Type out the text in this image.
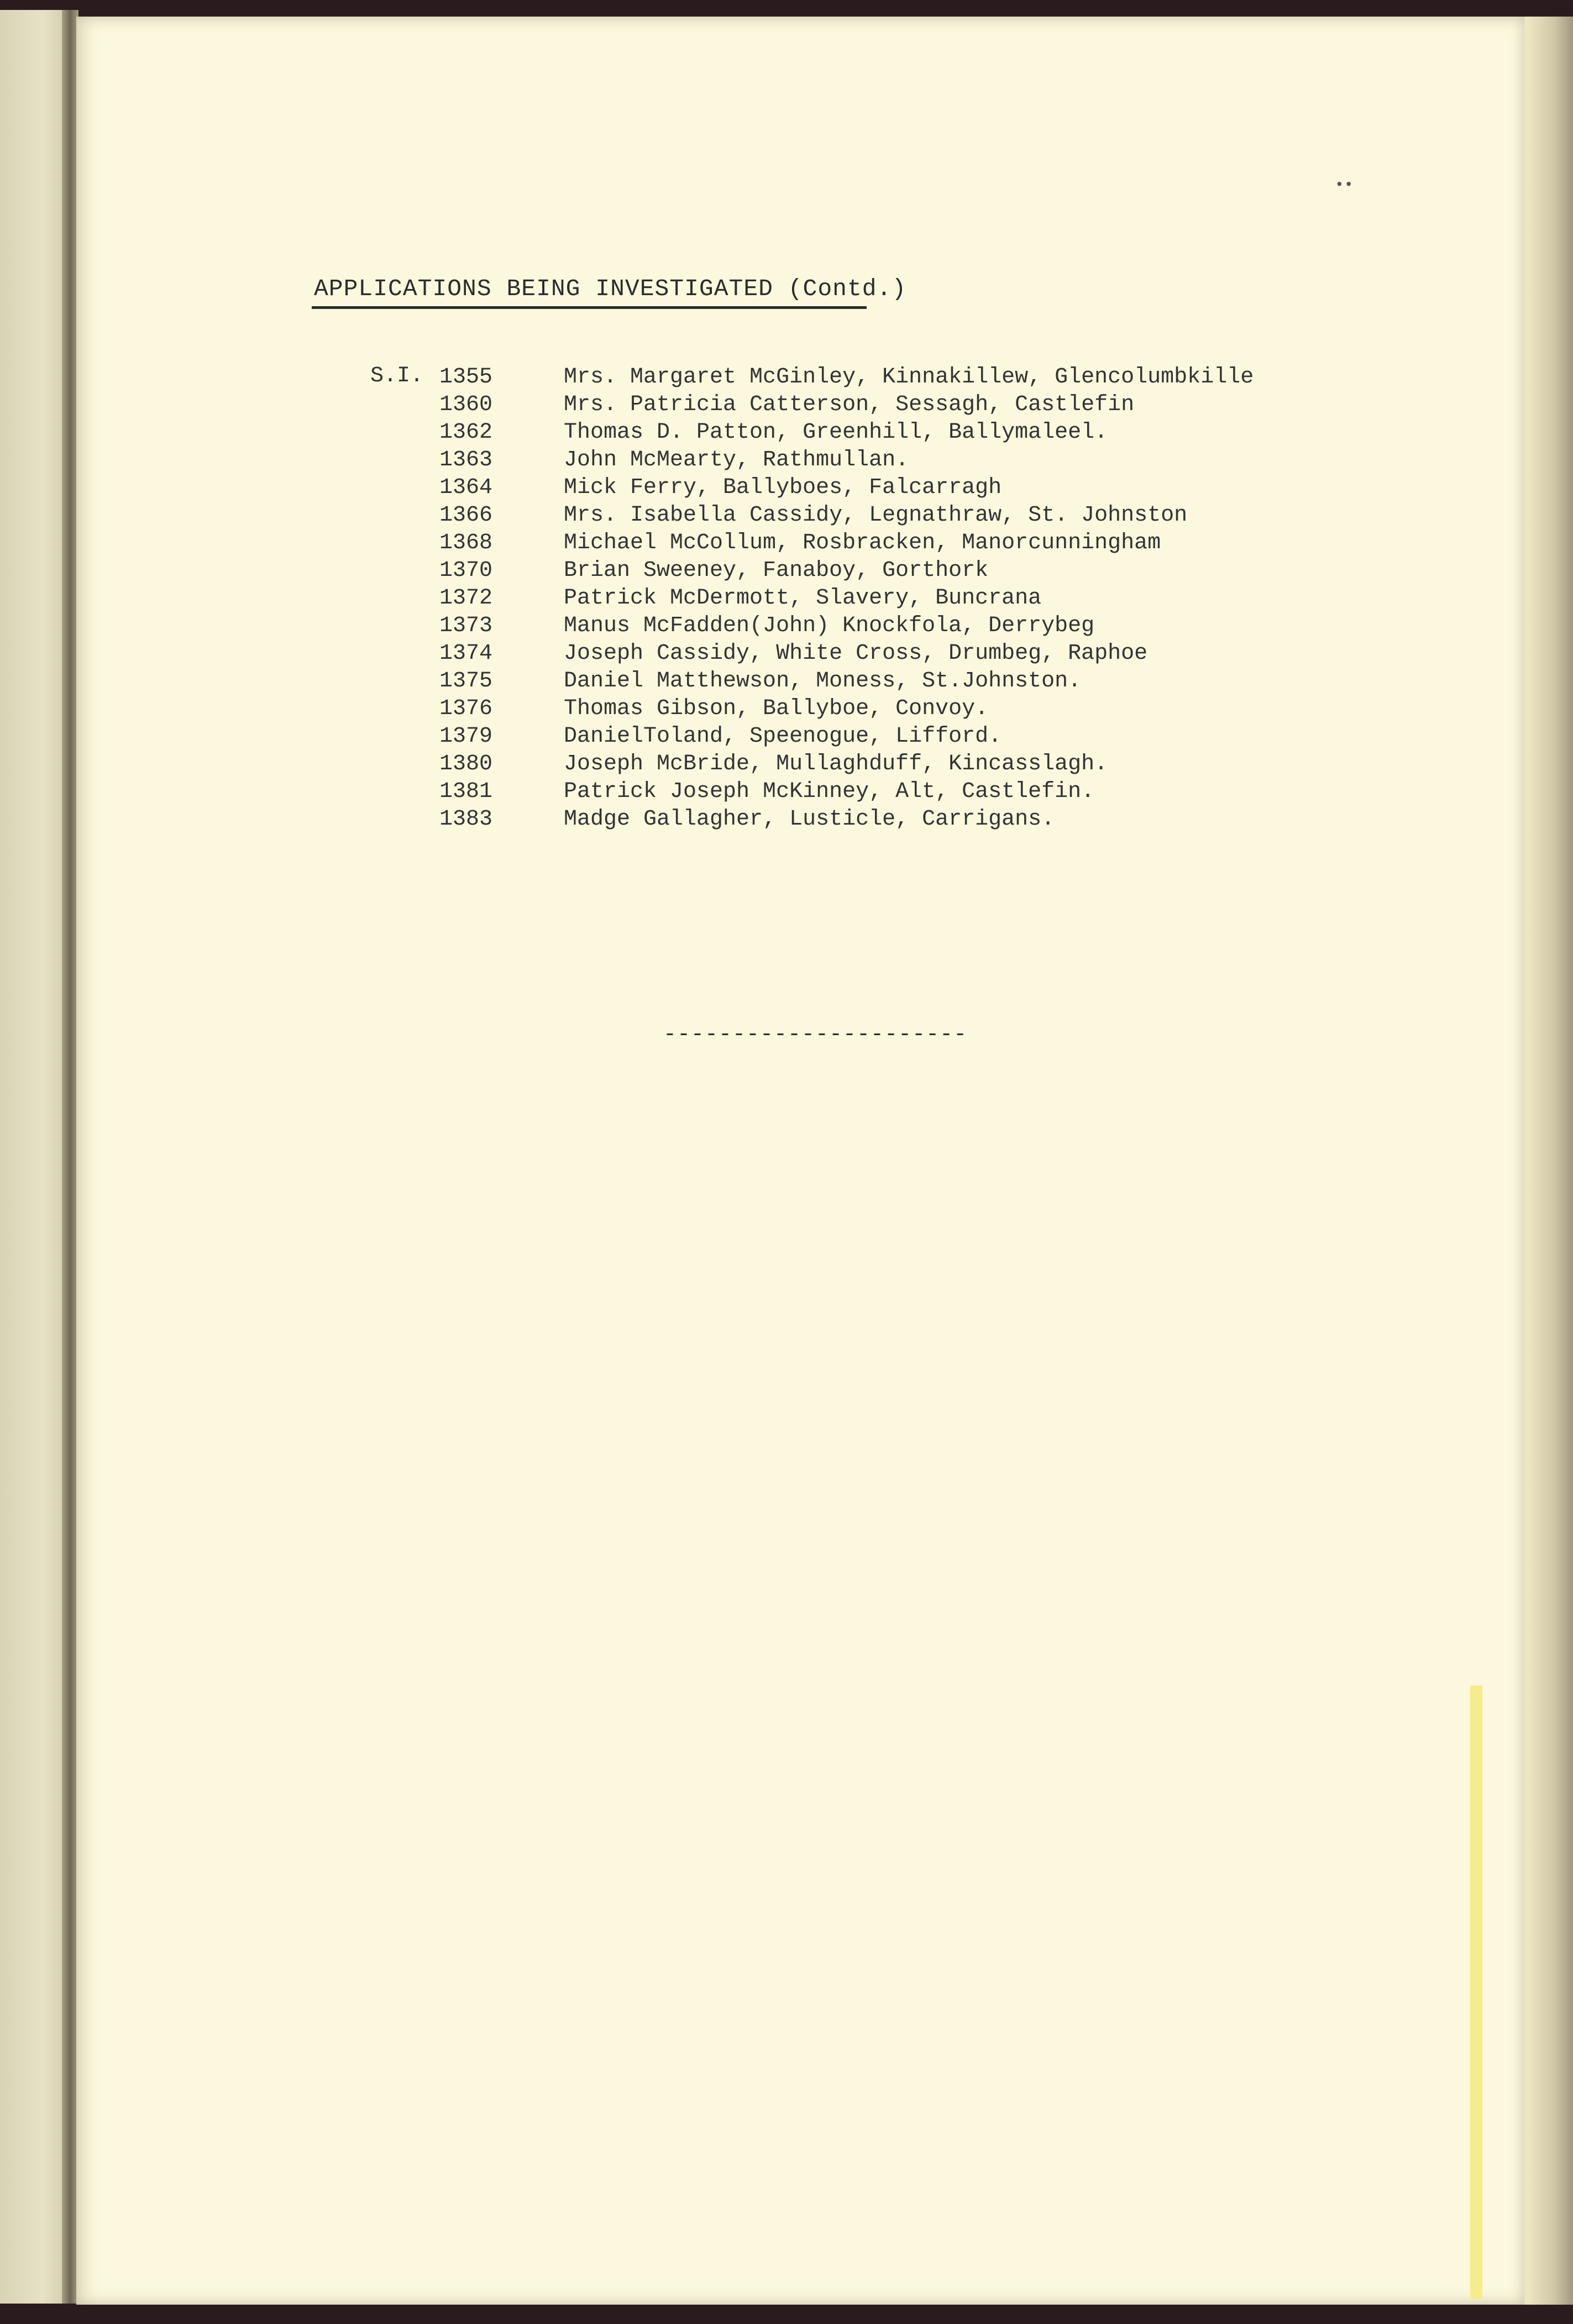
••
APPLICATIONS BEING INVESTIGATED (Contd.)
S.I. 1355	Mrs. Margaret McGinley, Kinnakillew, Glencolumbkille
1360	Mrs. Patricia Catterson, Sessagh, Castlefin
1362	Thomas D. Patton, Greenhill, Ballymaleel.
1363	John McMearty, Rathmullan.
1364	Mick Ferry, Ballyboes, Falcarragh
1366	Mrs. Isabella Cassidy, Legnathraw, St. Johnston
1368	Michael McCollum, Rosbracken, Manorcunningham
1370	Brian Sweeney, Fanaboy, Gorthork
1372	Patrick McDermott, Slavery, Buncrana
1373	Manus McFadden(John) Knockfola, Derrybeg
1374	Joseph Cassidy, White Cross, Drumbeg, Raphoe
1375	Daniel Matthewson, Moness, St.Johnston.
1376	Thomas Gibson, Ballyboe, Convoy.
1379	DanielToland, Speenogue, Lifford.
1380	Joseph McBride, Mullaghduff, Kincasslagh.
1381	Patrick Joseph McKinney, Alt, Castlefin.
1383	Madge Gallagher, Lusticle, Carrigans.
----------------------
